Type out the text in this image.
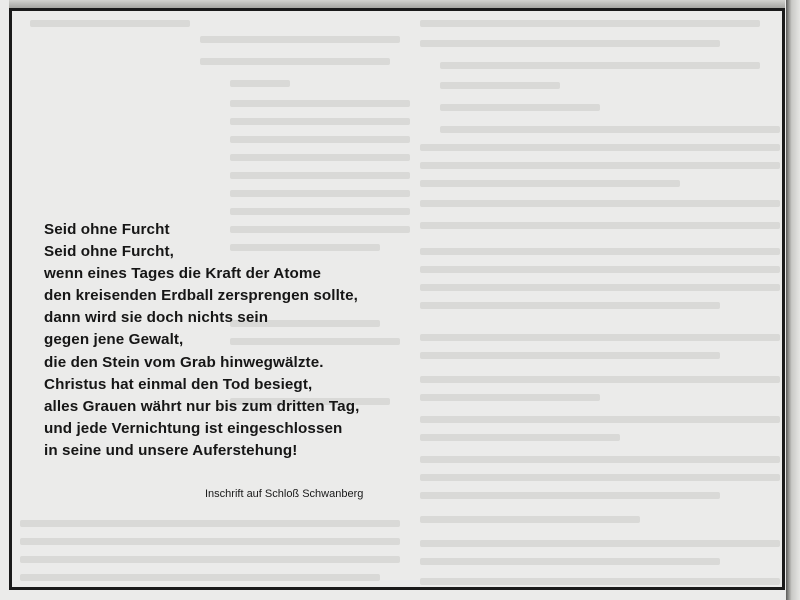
Seid ohne Furcht
Seid ohne Furcht,
wenn eines Tages die Kraft der Atome
den kreisenden Erdball zersprengen sollte,
dann wird sie doch nichts sein
gegen jene Gewalt,
die den Stein vom Grab hinwegwälzte.
Christus hat einmal den Tod besiegt,
alles Grauen währt nur bis zum dritten Tag,
und jede Vernichtung ist eingeschlossen
in seine und unsere Auferstehung!
Inschrift auf Schloß Schwanberg
